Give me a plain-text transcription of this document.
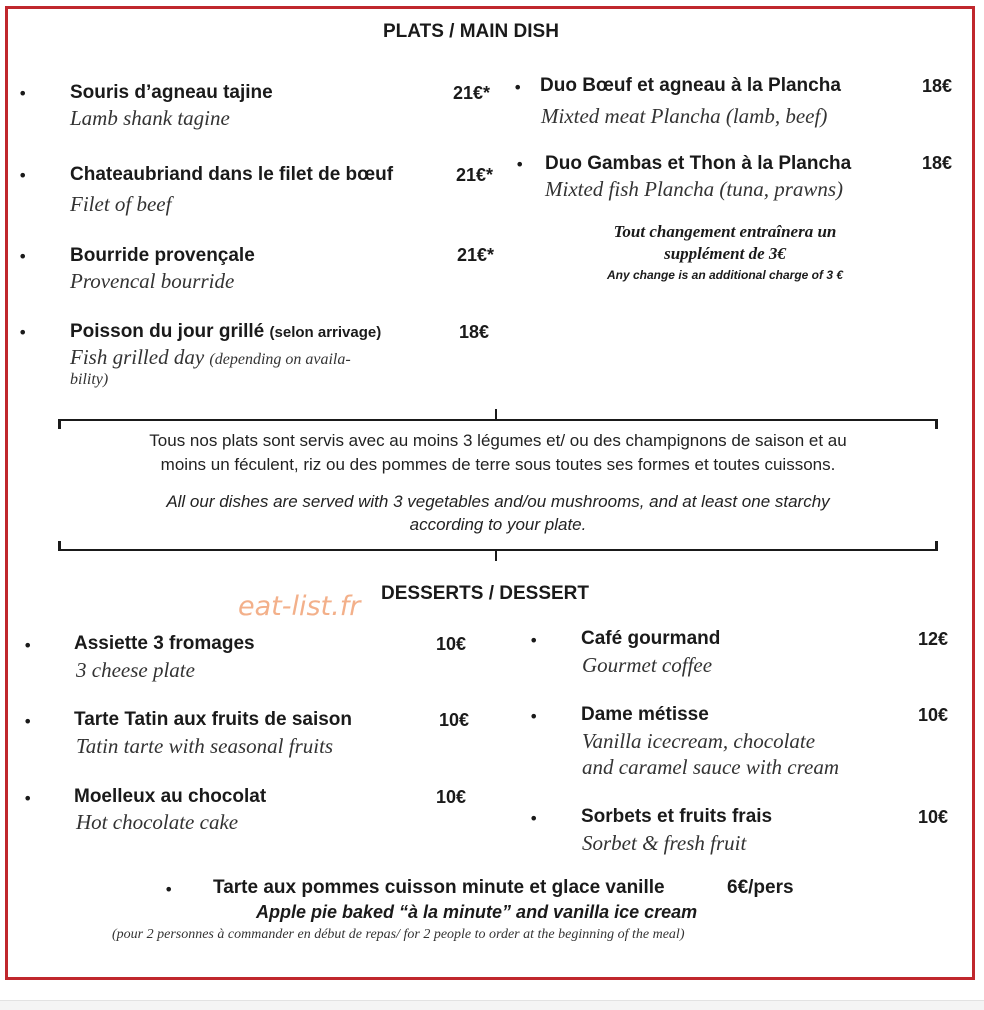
PLATS / MAIN DISH
• Souris d’agneau tajine	21€*
Lamb shank tagine
• Chateaubriand dans le filet de bœuf	21€*
Filet of beef
• Bourride provençale	21€*
Provencal bourride
• Poisson du jour grillé (selon arrivage)	18€
Fish grilled day (depending on availa-
bility)
• Duo Bœuf et agneau à la Plancha	18€
Mixted meat Plancha (lamb, beef)
• Duo Gambas et Thon à la Plancha	18€
Mixted fish Plancha (tuna, prawns)
Tout changement entraînera un
supplément de 3€
Any change is an additional charge of 3 €
Tous nos plats sont servis avec au moins 3 légumes et/ ou des champignons de saison et au
moins un féculent, riz ou des pommes de terre sous toutes ses formes et toutes cuissons.
All our dishes are served with 3 vegetables and/ou mushrooms, and at least one starchy
according to your plate.
DESSERTS / DESSERT
eat-list.fr
• Assiette 3 fromages	10€
3 cheese plate
• Tarte Tatin aux fruits de saison	10€
Tatin tarte with seasonal fruits
• Moelleux au chocolat	10€
Hot chocolate cake
• Café gourmand	12€
Gourmet coffee
• Dame métisse	10€
Vanilla icecream, chocolate
and caramel sauce with cream
• Sorbets et fruits frais	10€
Sorbet & fresh fruit
• Tarte aux pommes cuisson minute et glace vanille	6€/pers
Apple pie baked “à la minute” and vanilla ice cream
(pour 2 personnes à commander en début de repas/ for 2 people to order at the beginning of the meal)
